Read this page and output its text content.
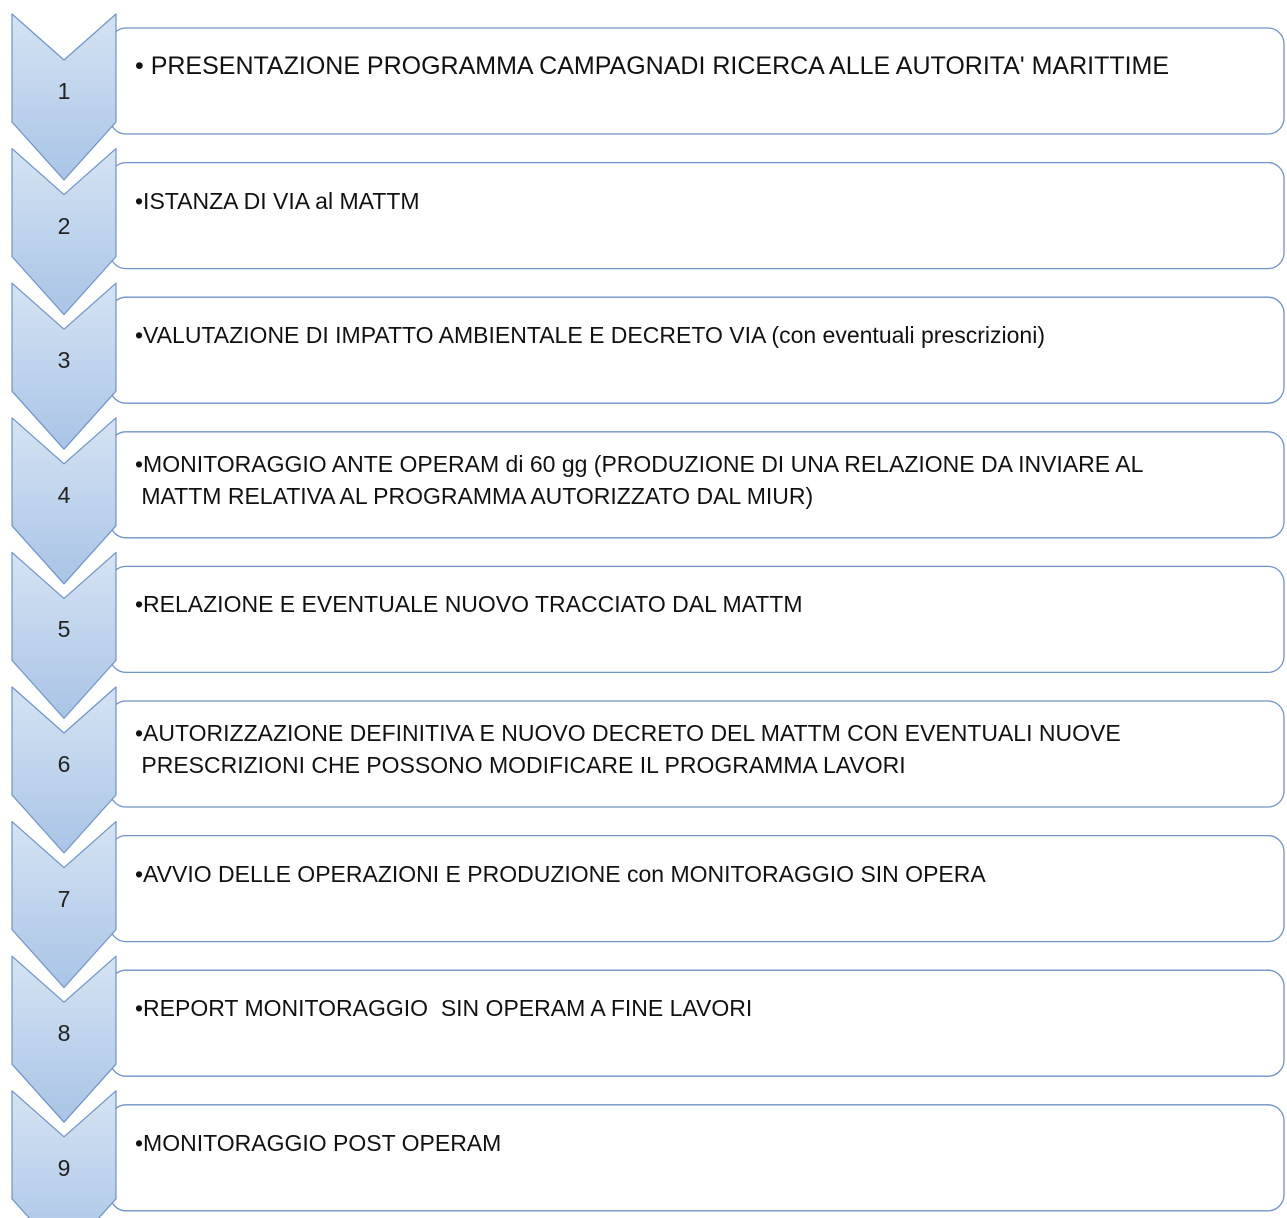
1
• PRESENTAZIONE PROGRAMMA CAMPAGNADI RICERCA ALLE AUTORITA' MARITTIME
2
•ISTANZA DI VIA al MATTM
3
•VALUTAZIONE DI IMPATTO AMBIENTALE E DECRETO VIA (con eventuali prescrizioni)
4
•MONITORAGGIO ANTE OPERAM di 60 gg (PRODUZIONE DI UNA RELAZIONE DA INVIARE AL
MATTM RELATIVA AL PROGRAMMA AUTORIZZATO DAL MIUR)
5
•RELAZIONE E EVENTUALE NUOVO TRACCIATO DAL MATTM
6
•AUTORIZZAZIONE DEFINITIVA E NUOVO DECRETO DEL MATTM CON EVENTUALI NUOVE
PRESCRIZIONI CHE POSSONO MODIFICARE IL PROGRAMMA LAVORI
7
•AVVIO DELLE OPERAZIONI E PRODUZIONE con MONITORAGGIO SIN OPERA
8
•REPORT MONITORAGGIO  SIN OPERAM A FINE LAVORI
9
•MONITORAGGIO POST OPERAM
